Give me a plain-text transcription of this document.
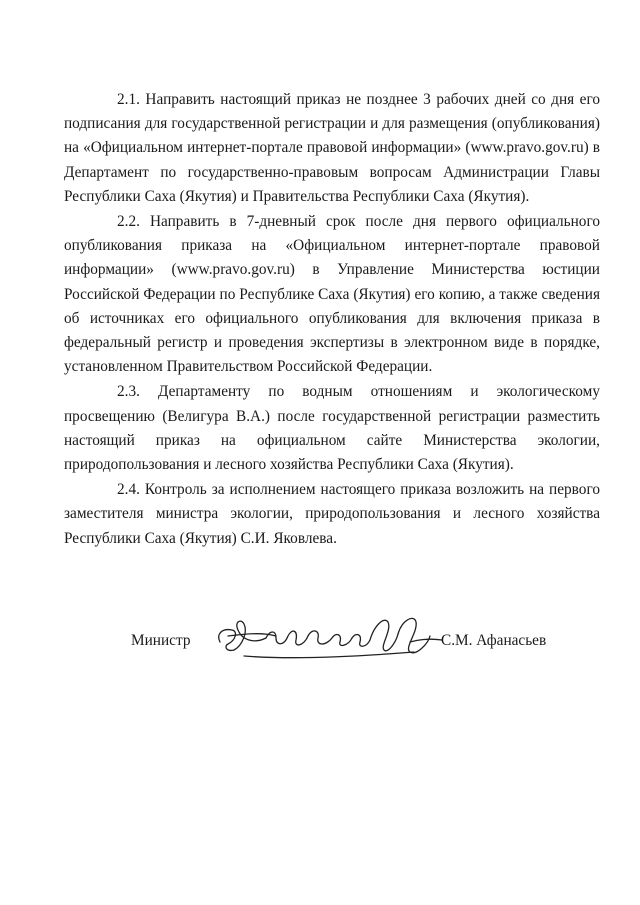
2.1. Направить настоящий приказ не позднее 3 рабочих дней со дня его подписания для государственной регистрации и для размещения (опубликования) на «Официальном интернет-портале правовой информации» (www.pravo.gov.ru) в Департамент по государственно-правовым вопросам Администрации Главы Республики Саха (Якутия) и Правительства Республики Саха (Якутия).

2.2. Направить в 7-дневный срок после дня первого официального опубликования приказа на «Официальном интернет-портале правовой информации» (www.pravo.gov.ru) в Управление Министерства юстиции Российской Федерации по Республике Саха (Якутия) его копию, а также сведения об источниках его официального опубликования для включения приказа в федеральный регистр и проведения экспертизы в электронном виде в порядке, установленном Правительством Российской Федерации.

2.3. Департаменту по водным отношениям и экологическому просвещению (Велигура В.А.) после государственной регистрации разместить настоящий приказ на официальном сайте Министерства экологии, природопользования и лесного хозяйства Республики Саха (Якутия).

2.4. Контроль за исполнением настоящего приказа возложить на первого заместителя министра экологии, природопользования и лесного хозяйства Республики Саха (Якутия) С.И. Яковлева.

Министр	С.М. Афанасьев
